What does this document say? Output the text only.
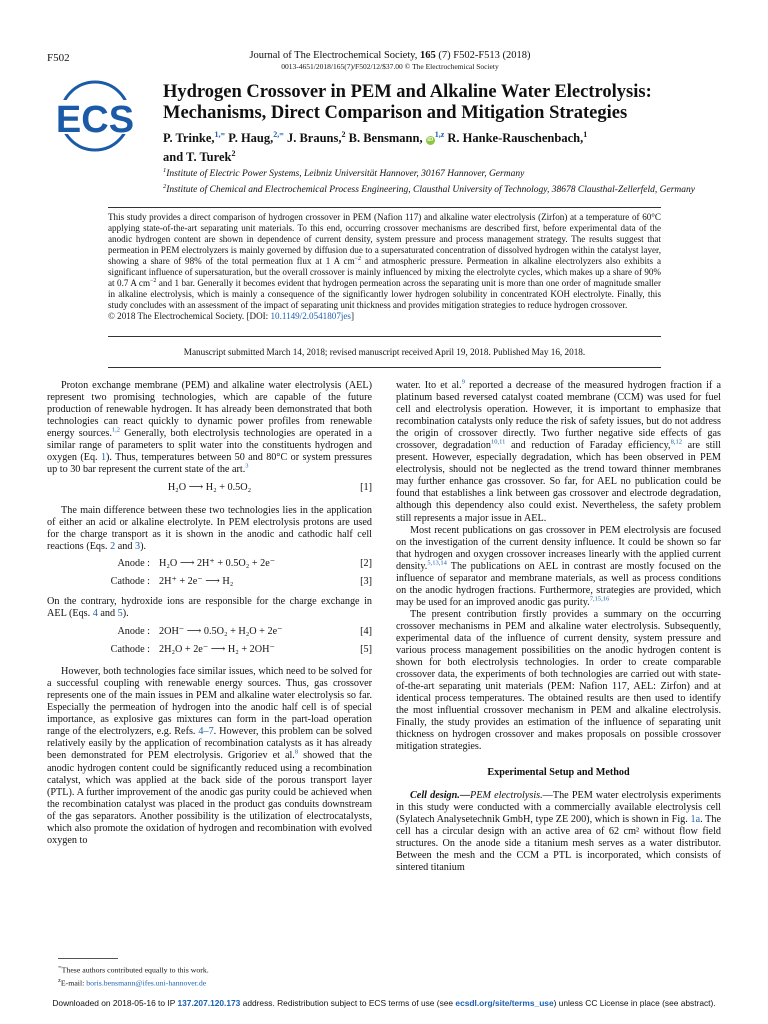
F502	Journal of The Electrochemical Society, 165 (7) F502-F513 (2018)
0013-4651/2018/165(7)/F502/12/$37.00 © The Electrochemical Society
ECS
Hydrogen Crossover in PEM and Alkaline Water Electrolysis: Mechanisms, Direct Comparison and Mitigation Strategies
P. Trinke,$^{1,=}$ P. Haug,$^{2,=}$ J. Brauns,$^2$ B. Bensmann, iD$^{1,z}$ R. Hanke-Rauschenbach,$^1$
and T. Turek$^2$
$^1$Institute of Electric Power Systems, Leibniz Universität Hannover, 30167 Hannover, Germany
$^2$Institute of Chemical and Electrochemical Process Engineering, Clausthal University of Technology, 38678 Clausthal-Zellerfeld, Germany
This study provides a direct comparison of hydrogen crossover in PEM (Nafion 117) and alkaline water electrolysis (Zirfon) at a temperature of 60°C applying state-of-the-art separating unit materials. To this end, occurring crossover mechanisms are described first, before experimental data of the anodic hydrogen content are shown in dependence of current density, system pressure and process management strategy. The results suggest that permeation in PEM electrolyzers is mainly governed by diffusion due to a supersaturated concentration of dissolved hydrogen within the catalyst layer, showing a share of 98% of the total permeation flux at 1 A $cm^{-2}$ and atmospheric pressure. Permeation in alkaline electrolyzers also exhibits a significant influence of supersaturation, but the overall crossover is mainly influenced by mixing the electrolyte cycles, which makes up a share of 90% at 0.7 A $cm^{-2}$ and 1 bar. Generally it becomes evident that hydrogen permeation across the separating unit is more than one order of magnitude smaller in alkaline electrolysis, which is mainly a consequence of the significantly lower hydrogen solubility in concentrated KOH electrolyte. Finally, this study concludes with an assessment of the impact of separating unit thickness and provides mitigation strategies to reduce hydrogen crossover.
© 2018 The Electrochemical Society. [DOI: 10.1149/2.0541807jes]
Manuscript submitted March 14, 2018; revised manuscript received April 19, 2018. Published May 16, 2018.

Proton exchange membrane (PEM) and alkaline water electrolysis (AEL) represent two promising technologies, which are capable of the future production of renewable hydrogen. It has already been demonstrated that both technologies can react quickly to dynamic power profiles from renewable energy sources.$^{1,2}$ Generally, both electrolysis technologies are operated in a similar range of parameters to split water into the constituents hydrogen and oxygen (Eq. 1). Thus, temperatures between 50 and 80°C or system pressures up to 30 bar represent the current state of the art.$^3$

H₂O ⟶ H₂ + 0.5O₂	[1]

The main difference between these two technologies lies in the application of either an acid or alkaline electrolyte. In PEM electrolysis protons are used for the charge transport as it is shown in the anodic and cathodic half cell reactions (Eqs. 2 and 3).

Anode : H₂O ⟶ 2H⁺ + 0.5O₂ + 2e⁻	[2]
Cathode : 2H⁺ + 2e⁻ ⟶ H₂	[3]

On the contrary, hydroxide ions are responsible for the charge exchange in AEL (Eqs. 4 and 5).

Anode : 2OH⁻ ⟶ 0.5O₂ + H₂O + 2e⁻	[4]
Cathode : 2H₂O + 2e⁻ ⟶ H₂ + 2OH⁻	[5]

However, both technologies face similar issues, which need to be solved for a successful coupling with renewable energy sources. Thus, gas crossover represents one of the main issues in PEM and alkaline water electrolysis so far. Especially the permeation of hydrogen into the anodic half cell is of special importance, as explosive gas mixtures can form in the part-load operation range of the electrolyzers, e.g. Refs. 4–7. However, this problem can be solved relatively easily by the application of recombination catalysts as it has already been demonstrated for PEM electrolysis. Grigoriev et al.$^8$ showed that the anodic hydrogen content could be significantly reduced using a recombination catalyst, which was applied at the back side of the porous transport layer (PTL). A further improvement of the anodic gas purity could be achieved when the recombination catalyst was placed in the product gas conduits downstream of the gas separators. Another possibility is the utilization of electrocatalysts, which also promote the oxidation of hydrogen and recombination with evolved oxygen to

water. Ito et al.$^9$ reported a decrease of the measured hydrogen fraction if a platinum based reversed catalyst coated membrane (CCM) was used for fuel cell and electrolysis operation. However, it is important to emphasize that recombination catalysts only reduce the risk of safety issues, but do not address the origin of crossover directly. Two further negative side effects of gas crossover, degradation$^{10,11}$ and reduction of Faraday efficiency,$^{8,12}$ are still present. However, especially degradation, which has been observed in PEM electrolysis, should not be neglected as the trend toward thinner membranes may further enhance gas crossover. So far, for AEL no publication could be found that establishes a link between gas crossover and electrode degradation, although this dependency also could exist. Nevertheless, the safety problem still represents a major issue in AEL.

Most recent publications on gas crossover in PEM electrolysis are focused on the investigation of the current density influence. It could be shown so far that hydrogen and oxygen crossover increases linearly with the applied current density.$^{5,13,14}$ The publications on AEL in contrast are mostly focused on the influence of separator and membrane materials, as well as process conditions on the anodic hydrogen fractions. Furthermore, strategies are provided, which may be used for an improved anodic gas purity.$^{7,15,16}$

The present contribution firstly provides a summary on the occurring crossover mechanisms in PEM and alkaline water electrolysis. Subsequently, experimental data of the influence of current density, system pressure and various process management possibilities on the anodic hydrogen content is shown for both electrolysis technologies. In order to create comparable crossover data, the experiments of both technologies are carried out with state-of-the-art separating unit materials (PEM: Nafion 117, AEL: Zirfon) and at identical process temperatures. The obtained results are then used to identify the most influential crossover mechanism in PEM and alkaline electrolysis. Finally, the study provides an estimation of the influence of separating unit thickness on hydrogen crossover and makes proposals on possible crossover mitigation strategies.

Experimental Setup and Method

Cell design.—PEM electrolysis.—The PEM water electrolysis experiments in this study were conducted with a commercially available electrolysis cell (Sylatech Analysetechnik GmbH, type ZE 200), which is shown in Fig. 1a. The cell has a circular design with an active area of 62 cm² without flow field structures. On the anode side a titanium mesh serves as a water distributor. Between the mesh and the CCM a PTL is incorporated, which consists of sintered titanium

=These authors contributed equally to this work.
$^z$E-mail: boris.bensmann@ifes.uni-hannover.de
Downloaded on 2018-05-16 to IP 137.207.120.173 address. Redistribution subject to ECS terms of use (see ecsdl.org/site/terms_use) unless CC License in place (see abstract).
